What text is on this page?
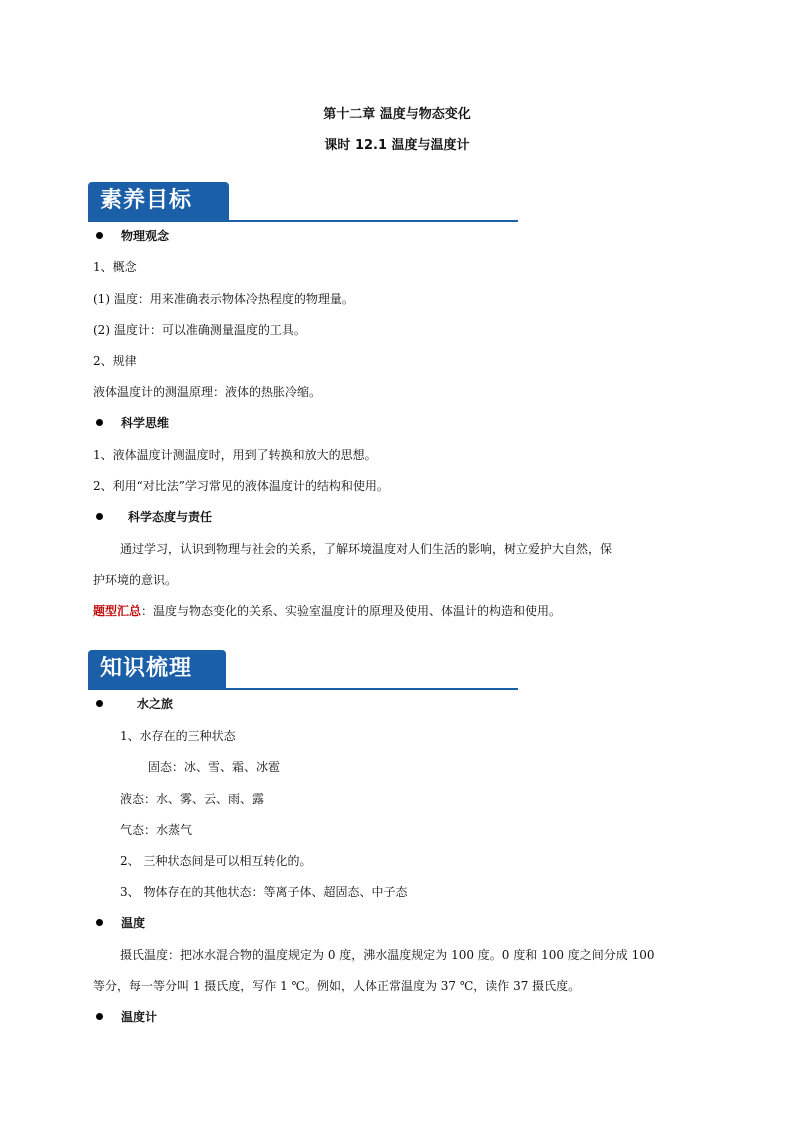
第十二章 温度与物态变化
课时 12.1 温度与温度计
素养目标
物理观念
1、概念
(1) 温度：用来准确表示物体冷热程度的物理量。
(2) 温度计：可以准确测量温度的工具。
2、规律
液体温度计的测温原理：液体的热胀冷缩。
科学思维
1、液体温度计测温度时，用到了转换和放大的思想。
2、利用“对比法”学习常见的液体温度计的结构和使用。
科学态度与责任
通过学习，认识到物理与社会的关系，了解环境温度对人们生活的影响，树立爱护大自然，保
护环境的意识。
题型汇总：温度与物态变化的关系、实验室温度计的原理及使用、体温计的构造和使用。
知识梳理
水之旅
1、水存在的三种状态
固态：冰、雪、霜、冰雹
液态：水、雾、云、雨、露
气态：水蒸气
2、 三种状态间是可以相互转化的。
3、 物体存在的其他状态：等离子体、超固态、中子态
温度
摄氏温度：把冰水混合物的温度规定为 0 度，沸水温度规定为 100 度。0 度和 100 度之间分成 100
等分，每一等分叫 1 摄氏度，写作 1 ℃。例如，人体正常温度为 37 ℃，读作 37 摄氏度。
温度计
